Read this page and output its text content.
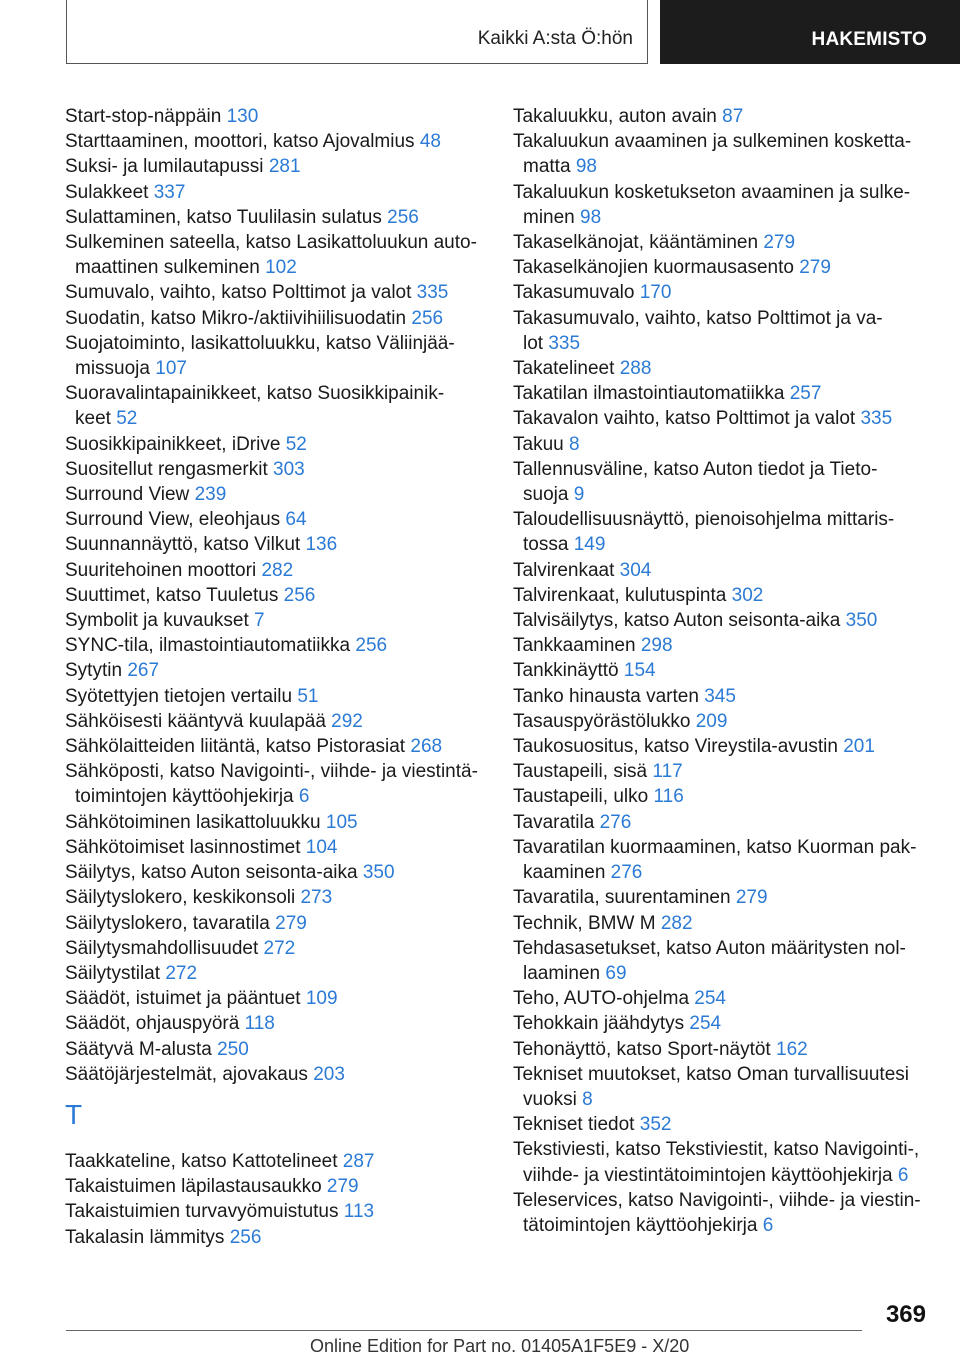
Kaikki A:sta Ö:hön	HAKEMISTO
Start-stop-näppäin 130
Starttaaminen, moottori, katso Ajovalmius 48
Suksi- ja lumilautapussi 281
Sulakkeet 337
Sulattaminen, katso Tuulilasin sulatus 256
Sulkeminen sateella, katso Lasikattoluukun auto-
maattinen sulkeminen 102
Sumuvalo, vaihto, katso Polttimot ja valot 335
Suodatin, katso Mikro-/aktiivihiilisuodatin 256
Suojatoiminto, lasikattoluukku, katso Väliinjää-
missuoja 107
Suoravalintapainikkeet, katso Suosikkipainik-
keet 52
Suosikkipainikkeet, iDrive 52
Suositellut rengasmerkit 303
Surround View 239
Surround View, eleohjaus 64
Suunnannäyttö, katso Vilkut 136
Suuritehoinen moottori 282
Suuttimet, katso Tuuletus 256
Symbolit ja kuvaukset 7
SYNC-tila, ilmastointiautomatiikka 256
Sytytin 267
Syötettyjen tietojen vertailu 51
Sähköisesti kääntyvä kuulapää 292
Sähkölaitteiden liitäntä, katso Pistorasiat 268
Sähköposti, katso Navigointi-, viihde- ja viestintä-
toimintojen käyttöohjekirja 6
Sähkötoiminen lasikattoluukku 105
Sähkötoimiset lasinnostimet 104
Säilytys, katso Auton seisonta-aika 350
Säilytyslokero, keskikonsoli 273
Säilytyslokero, tavaratila 279
Säilytysmahdollisuudet 272
Säilytystilat 272
Säädöt, istuimet ja pääntuet 109
Säädöt, ohjauspyörä 118
Säätyvä M-alusta 250
Säätöjärjestelmät, ajovakaus 203
T
Taakkateline, katso Kattotelineet 287
Takaistuimen läpilastausaukko 279
Takaistuimien turvavyömuistutus 113
Takalasin lämmitys 256
Takaluukku, auton avain 87
Takaluukun avaaminen ja sulkeminen kosketta-
matta 98
Takaluukun kosketukseton avaaminen ja sulke-
minen 98
Takaselkänojat, kääntäminen 279
Takaselkänojien kuormausasento 279
Takasumuvalo 170
Takasumuvalo, vaihto, katso Polttimot ja va-
lot 335
Takatelineet 288
Takatilan ilmastointiautomatiikka 257
Takavalon vaihto, katso Polttimot ja valot 335
Takuu 8
Tallennusväline, katso Auton tiedot ja Tieto-
suoja 9
Taloudellisuusnäyttö, pienoisohjelma mittaris-
tossa 149
Talvirenkaat 304
Talvirenkaat, kulutuspinta 302
Talvisäilytys, katso Auton seisonta-aika 350
Tankkaaminen 298
Tankkinäyttö 154
Tanko hinausta varten 345
Tasauspyörästölukko 209
Taukosuositus, katso Vireystila-avustin 201
Taustapeili, sisä 117
Taustapeili, ulko 116
Tavaratila 276
Tavaratilan kuormaaminen, katso Kuorman pak-
kaaminen 276
Tavaratila, suurentaminen 279
Technik, BMW M 282
Tehdasasetukset, katso Auton määritysten nol-
laaminen 69
Teho, AUTO-ohjelma 254
Tehokkain jäähdytys 254
Tehonäyttö, katso Sport-näytöt 162
Tekniset muutokset, katso Oman turvallisuutesi
vuoksi 8
Tekniset tiedot 352
Tekstiviesti, katso Tekstiviestit, katso Navigointi-,
viihde- ja viestintätoimintojen käyttöohjekirja 6
Teleservices, katso Navigointi-, viihde- ja viestin-
tätoimintojen käyttöohjekirja 6
369
Online Edition for Part no. 01405A1F5E9 - X/20
